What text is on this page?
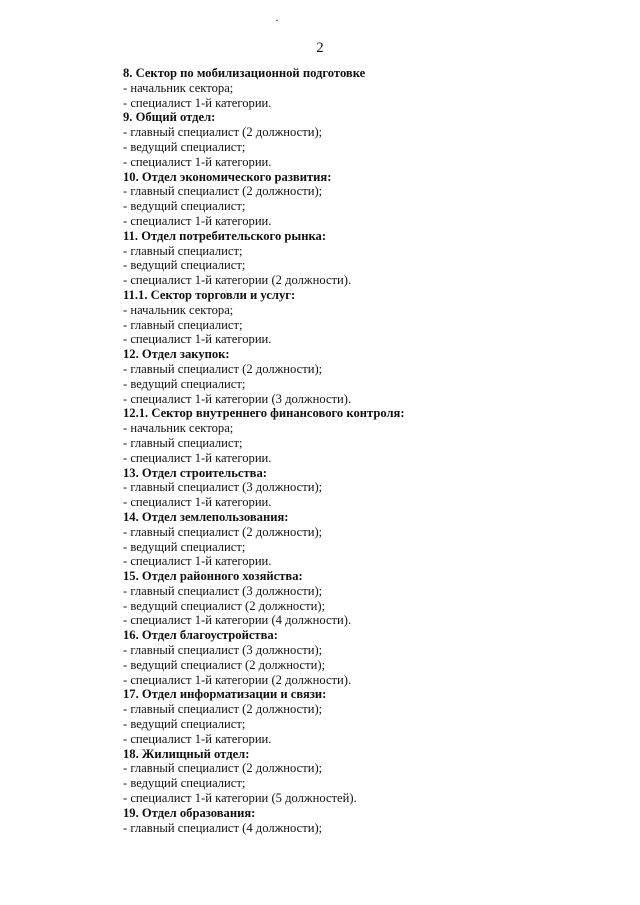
·
2
8. Сектор по мобилизационной подготовке
- начальник сектора;
- специалист 1-й категории.
9. Общий отдел:
- главный специалист (2 должности);
- ведущий специалист;
- специалист 1-й категории.
10. Отдел экономического развития:
- главный специалист (2 должности);
- ведущий специалист;
- специалист 1-й категории.
11. Отдел потребительского рынка:
- главный специалист;
- ведущий специалист;
- специалист 1-й категории (2 должности).
11.1. Сектор торговли и услуг:
- начальник сектора;
- главный специалист;
- специалист 1-й категории.
12. Отдел закупок:
- главный специалист (2 должности);
- ведущий специалист;
- специалист 1-й категории (3 должности).
12.1. Сектор внутреннего финансового контроля:
- начальник сектора;
- главный специалист;
- специалист 1-й категории.
13. Отдел строительства:
- главный специалист (3 должности);
- специалист 1-й категории.
14. Отдел землепользования:
- главный специалист (2 должности);
- ведущий специалист;
- специалист 1-й категории.
15. Отдел районного хозяйства:
- главный специалист (3 должности);
- ведущий специалист (2 должности);
- специалист 1-й категории (4 должности).
16. Отдел благоустройства:
- главный специалист (3 должности);
- ведущий специалист (2 должности);
- специалист 1-й категории (2 должности).
17. Отдел информатизации и связи:
- главный специалист (2 должности);
- ведущий специалист;
- специалист 1-й категории.
18. Жилищный отдел:
- главный специалист (2 должности);
- ведущий специалист;
- специалист 1-й категории (5 должностей).
19. Отдел образования:
- главный специалист (4 должности);
